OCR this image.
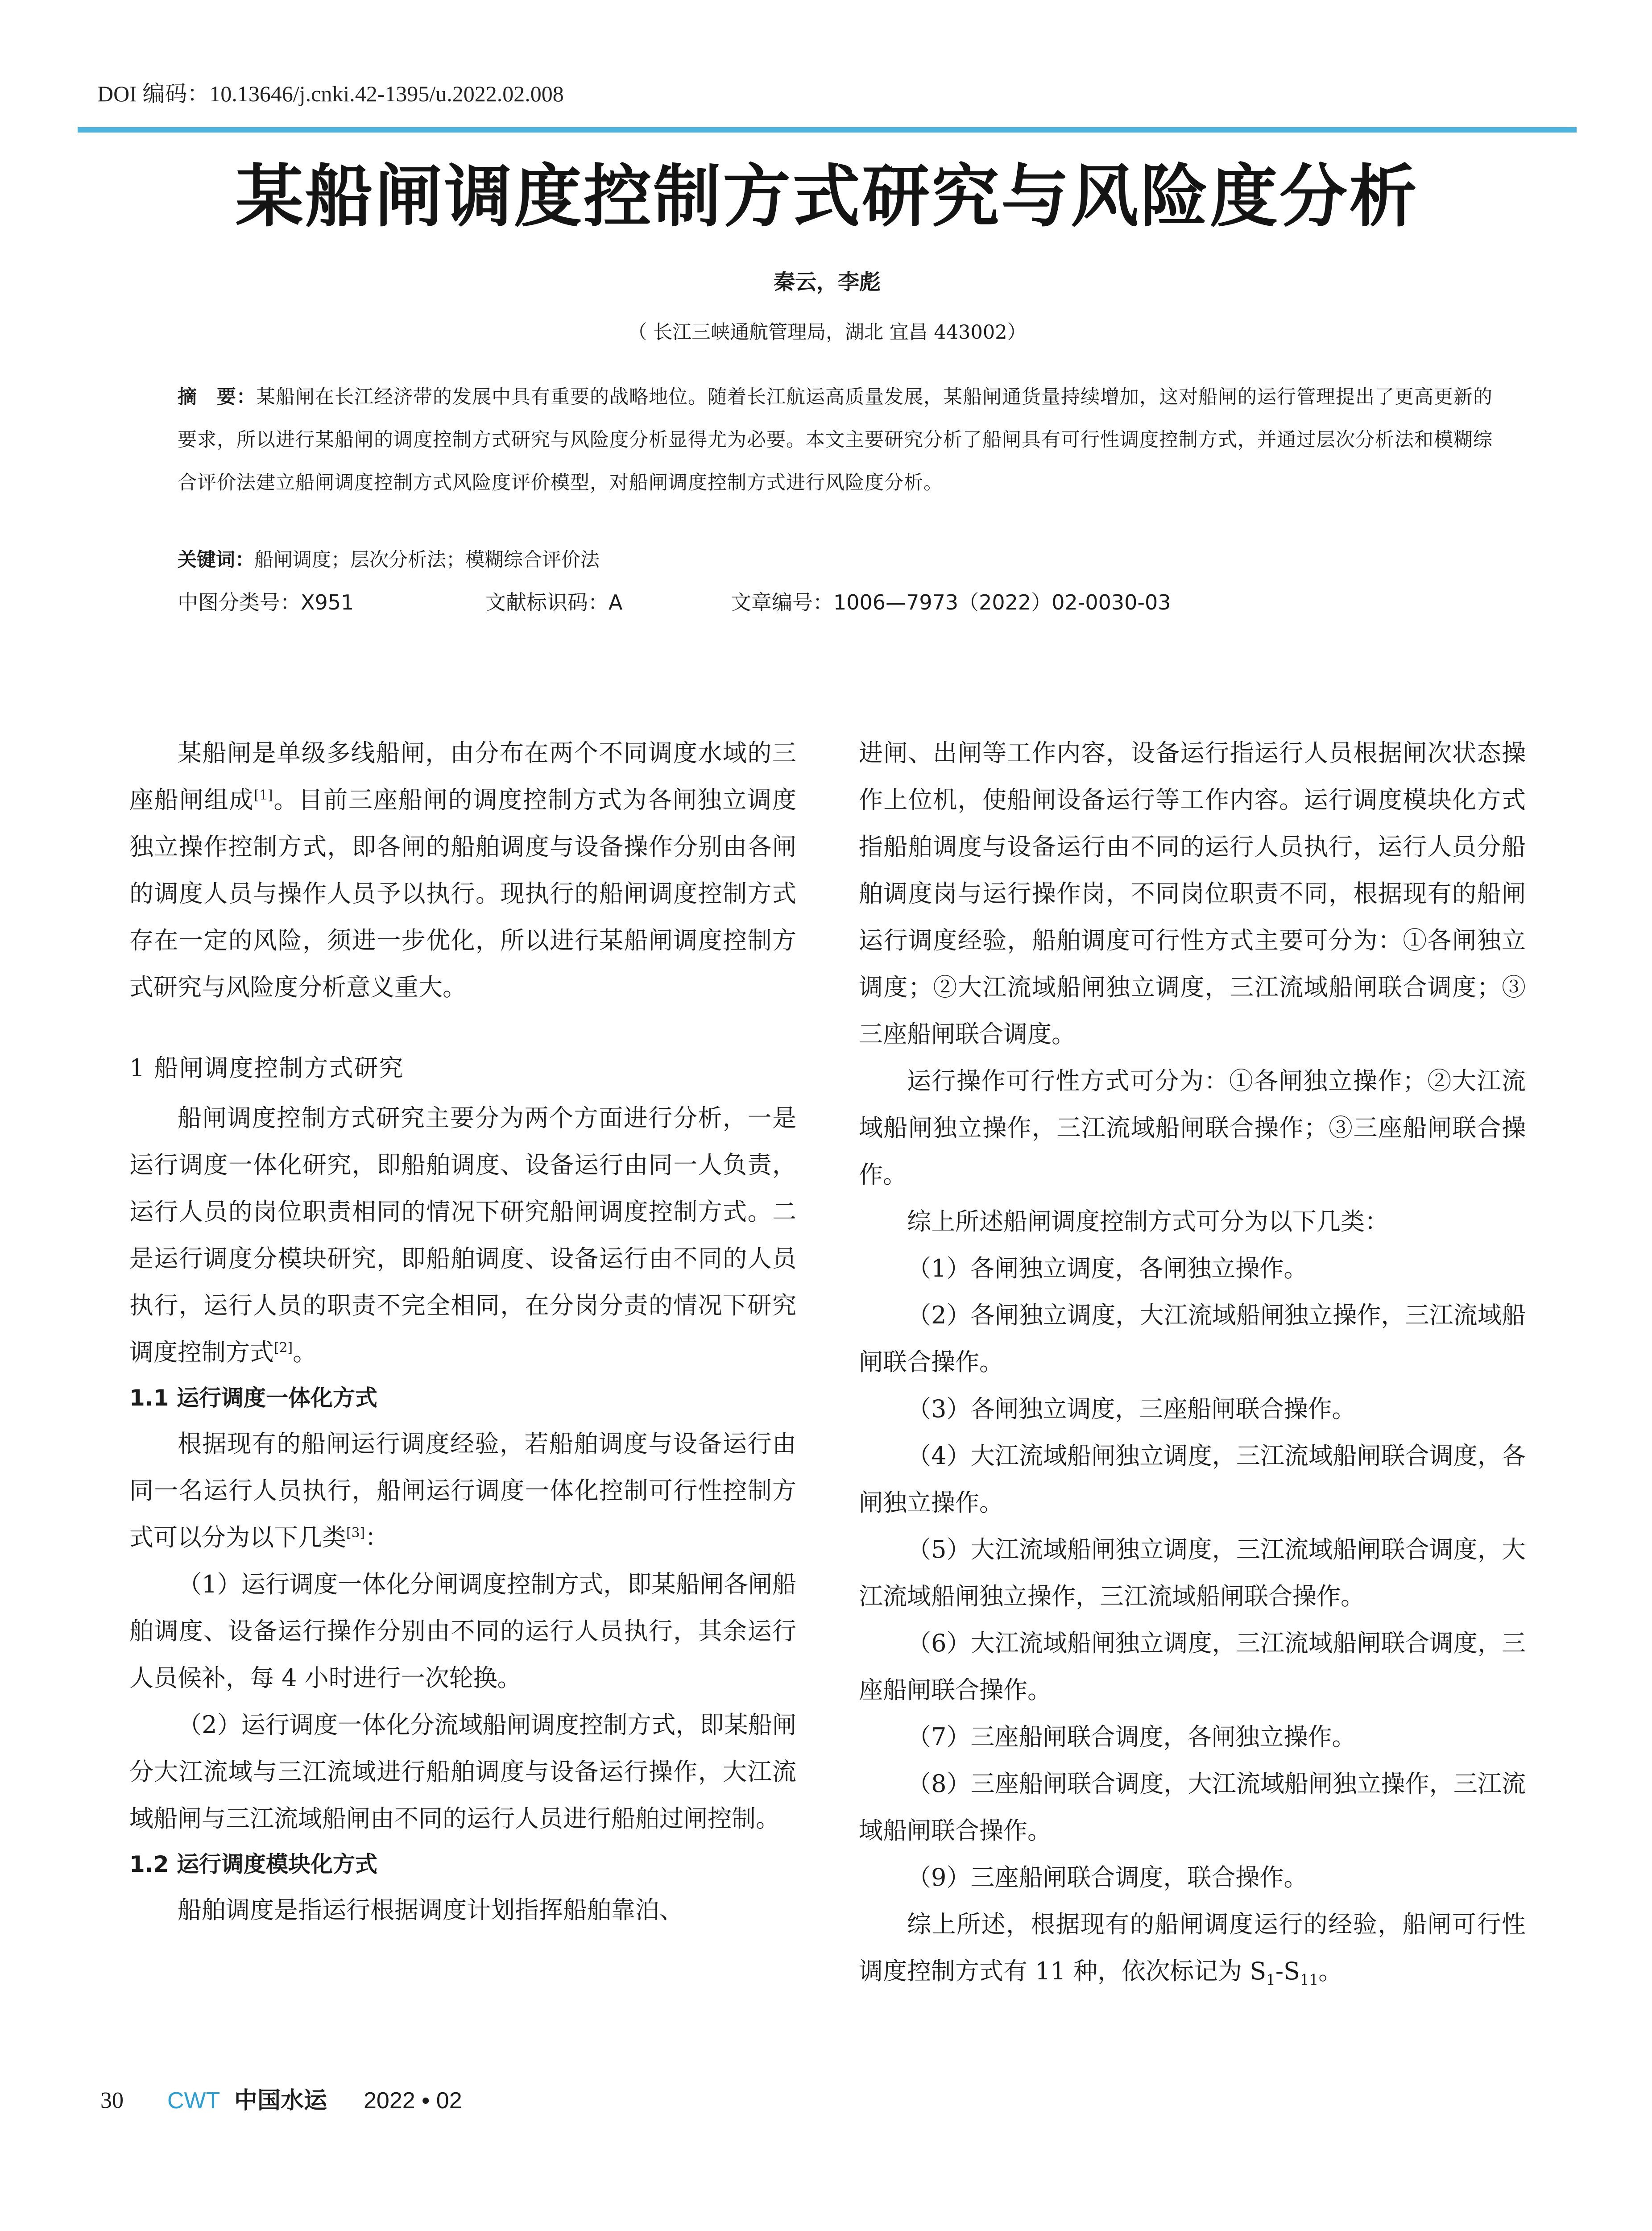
DOI 编码：10.13646/j.cnki.42-1395/u.2022.02.008
某船闸调度控制方式研究与风险度分析
秦云，李彪
（ 长江三峡通航管理局，湖北 宜昌 443002）
摘　要：某船闸在长江经济带的发展中具有重要的战略地位。随着长江航运高质量发展，某船闸通货量持续增加，这对船闸的运行管理提出了更高更新的要求，所以进行某船闸的调度控制方式研究与风险度分析显得尤为必要。本文主要研究分析了船闸具有可行性调度控制方式，并通过层次分析法和模糊综合评价法建立船闸调度控制方式风险度评价模型，对船闸调度控制方式进行风险度分析。
关键词：船闸调度；层次分析法；模糊综合评价法
中图分类号：X951	文献标识码：A	文章编号：1006—7973（2022）02-0030-03

某船闸是单级多线船闸，由分布在两个不同调度水域的三座船闸组成[1]。目前三座船闸的调度控制方式为各闸独立调度独立操作控制方式，即各闸的船舶调度与设备操作分别由各闸的调度人员与操作人员予以执行。现执行的船闸调度控制方式存在一定的风险，须进一步优化，所以进行某船闸调度控制方式研究与风险度分析意义重大。

1 船闸调度控制方式研究

船闸调度控制方式研究主要分为两个方面进行分析，一是运行调度一体化研究，即船舶调度、设备运行由同一人负责，运行人员的岗位职责相同的情况下研究船闸调度控制方式。二是运行调度分模块研究，即船舶调度、设备运行由不同的人员执行，运行人员的职责不完全相同，在分岗分责的情况下研究调度控制方式[2]。

1.1 运行调度一体化方式

根据现有的船闸运行调度经验，若船舶调度与设备运行由同一名运行人员执行，船闸运行调度一体化控制可行性控制方式可以分为以下几类[3]：

（1）运行调度一体化分闸调度控制方式，即某船闸各闸船舶调度、设备运行操作分别由不同的运行人员执行，其余运行人员候补，每 4 小时进行一次轮换。

（2）运行调度一体化分流域船闸调度控制方式，即某船闸分大江流域与三江流域进行船舶调度与设备运行操作，大江流域船闸与三江流域船闸由不同的运行人员进行船舶过闸控制。

1.2 运行调度模块化方式

船舶调度是指运行根据调度计划指挥船舶靠泊、

进闸、出闸等工作内容，设备运行指运行人员根据闸次状态操作上位机，使船闸设备运行等工作内容。运行调度模块化方式指船舶调度与设备运行由不同的运行人员执行，运行人员分船舶调度岗与运行操作岗，不同岗位职责不同，根据现有的船闸运行调度经验，船舶调度可行性方式主要可分为：①各闸独立调度；②大江流域船闸独立调度，三江流域船闸联合调度；③三座船闸联合调度。

运行操作可行性方式可分为：①各闸独立操作；②大江流域船闸独立操作，三江流域船闸联合操作；③三座船闸联合操作。

综上所述船闸调度控制方式可分为以下几类：

（1）各闸独立调度，各闸独立操作。

（2）各闸独立调度，大江流域船闸独立操作，三江流域船闸联合操作。

（3）各闸独立调度，三座船闸联合操作。

（4）大江流域船闸独立调度，三江流域船闸联合调度，各闸独立操作。

（5）大江流域船闸独立调度，三江流域船闸联合调度，大江流域船闸独立操作，三江流域船闸联合操作。

（6）大江流域船闸独立调度，三江流域船闸联合调度，三座船闸联合操作。

（7）三座船闸联合调度，各闸独立操作。

（8）三座船闸联合调度，大江流域船闸独立操作，三江流域船闸联合操作。

（9）三座船闸联合调度，联合操作。

综上所述，根据现有的船闸调度运行的经验，船闸可行性调度控制方式有 11 种，依次标记为 $S_1-S_{11}$。

30 CWT 中国水运 2022 • 02
